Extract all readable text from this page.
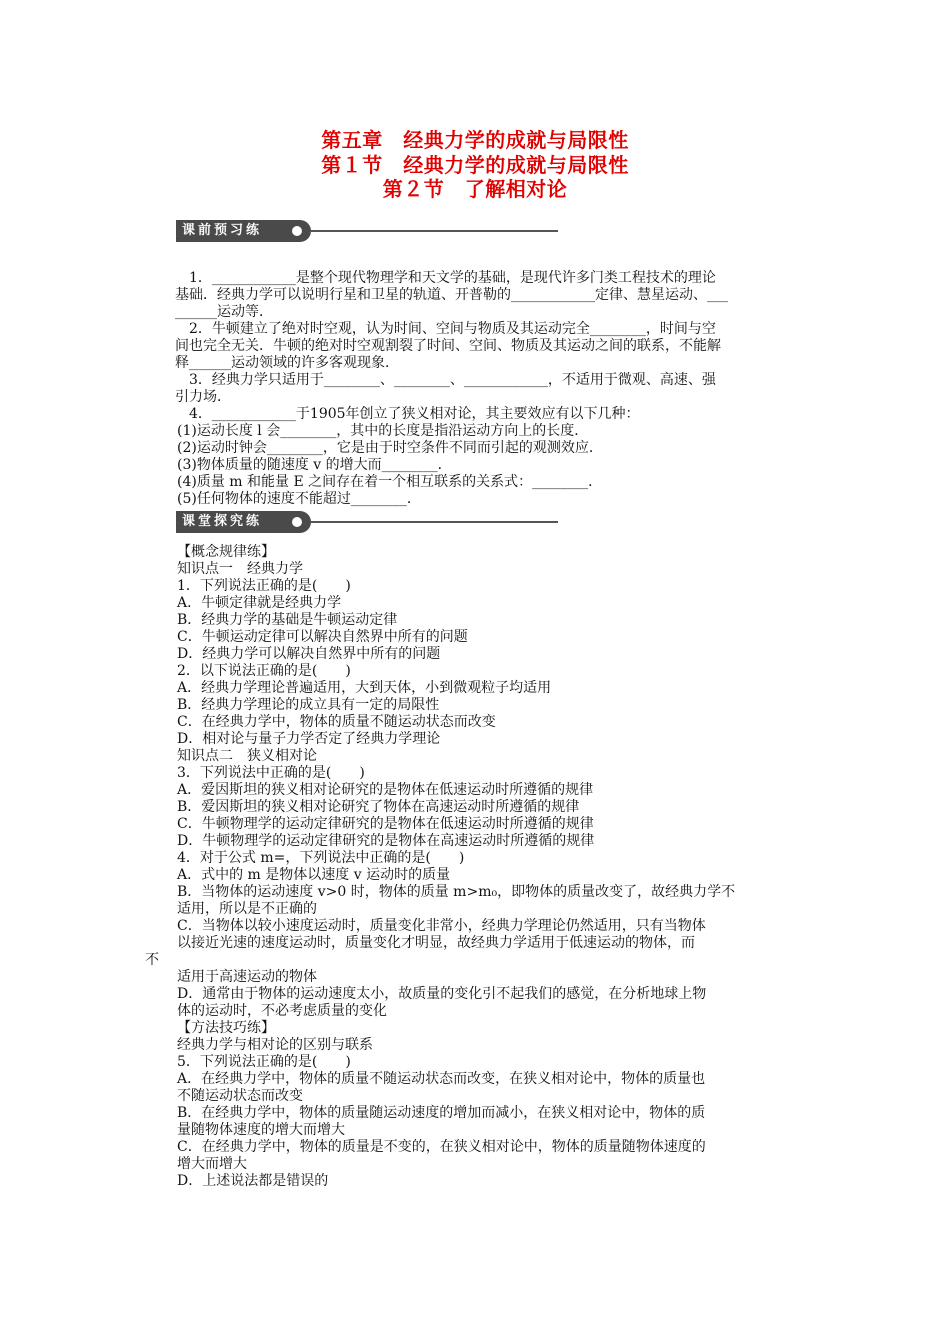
第五章　经典力学的成就与局限性
第１节　经典力学的成就与局限性
第２节　了解相对论
课前预习练
课堂探究练
　1．____________是整个现代物理学和天文学的基础，是现代许多门类工程技术的理论
基础．经典力学可以说明行星和卫星的轨道、开普勒的____________定律、慧星运动、___
______运动等．
　2．牛顿建立了绝对时空观，认为时间、空间与物质及其运动完全________，时间与空
间也完全无关．牛顿的绝对时空观割裂了时间、空间、物质及其运动之间的联系，不能解
释______运动领域的许多客观现象．
　3．经典力学只适用于________、________、____________，不适用于微观、高速、强
引力场．
　4．____________于1905年创立了狭义相对论，其主要效应有以下几种：
(1)运动长度 l 会________，其中的长度是指沿运动方向上的长度．
(2)运动时钟会________，它是由于时空条件不同而引起的观测效应．
(3)物体质量的随速度 v 的增大而________．
(4)质量 m 和能量 E 之间存在着一个相互联系的关系式：________．
(5)任何物体的速度不能超过________．
【概念规律练】
知识点一　经典力学
1．下列说法正确的是(　　)
A．牛顿定律就是经典力学
B．经典力学的基础是牛顿运动定律
C．牛顿运动定律可以解决自然界中所有的问题
D．经典力学可以解决自然界中所有的问题
2．以下说法正确的是(　　)
A．经典力学理论普遍适用，大到天体，小到微观粒子均适用
B．经典力学理论的成立具有一定的局限性
C．在经典力学中，物体的质量不随运动状态而改变
D．相对论与量子力学否定了经典力学理论
知识点二　狭义相对论
3．下列说法中正确的是(　　)
A．爱因斯坦的狭义相对论研究的是物体在低速运动时所遵循的规律
B．爱因斯坦的狭义相对论研究了物体在高速运动时所遵循的规律
C．牛顿物理学的运动定律研究的是物体在低速运动时所遵循的规律
D．牛顿物理学的运动定律研究的是物体在高速运动时所遵循的规律
4．对于公式 m=，下列说法中正确的是(　　)
A．式中的 m 是物体以速度 v 运动时的质量
B．当物体的运动速度 v>0 时，物体的质量 m>m₀，即物体的质量改变了，故经典力学不
适用，所以是不正确的
C．当物体以较小速度运动时，质量变化非常小，经典力学理论仍然适用，只有当物体
以接近光速的速度运动时，质量变化才明显，故经典力学适用于低速运动的物体，而
不
适用于高速运动的物体
D．通常由于物体的运动速度太小，故质量的变化引不起我们的感觉，在分析地球上物
体的运动时，不必考虑质量的变化
【方法技巧练】
经典力学与相对论的区别与联系
5．下列说法正确的是(　　)
A．在经典力学中，物体的质量不随运动状态而改变，在狭义相对论中，物体的质量也
不随运动状态而改变
B．在经典力学中，物体的质量随运动速度的增加而减小，在狭义相对论中，物体的质
量随物体速度的增大而增大
C．在经典力学中，物体的质量是不变的，在狭义相对论中，物体的质量随物体速度的
增大而增大
D．上述说法都是错误的
